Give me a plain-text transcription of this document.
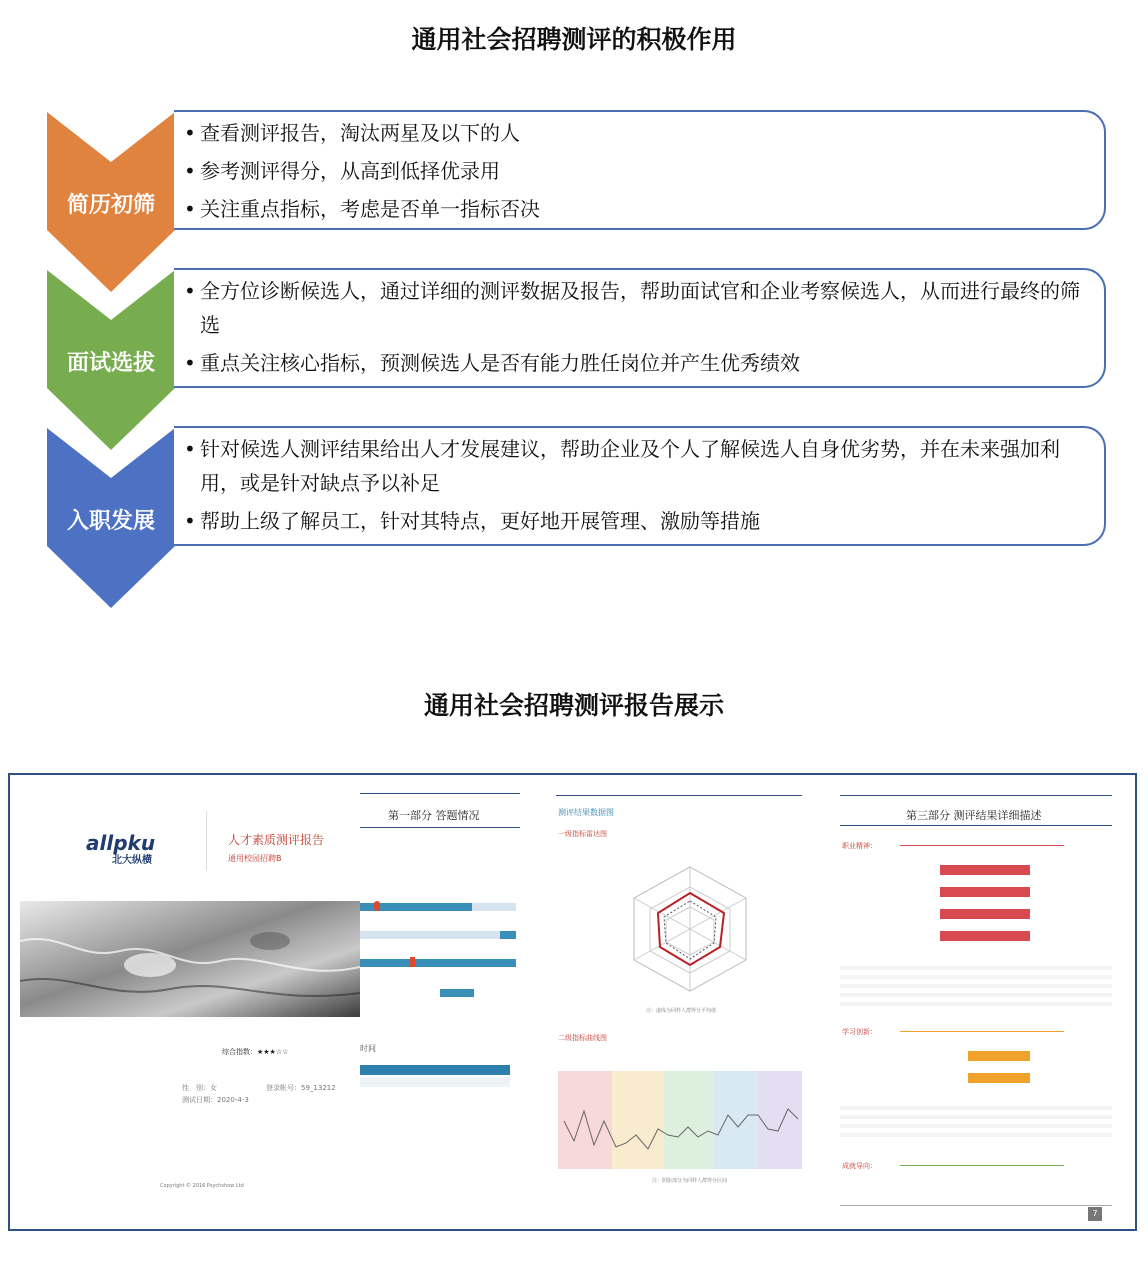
通用社会招聘测评的积极作用
简历初筛
• 查看测评报告，淘汰两星及以下的人
• 参考测评得分，从高到低择优录用
• 关注重点指标，考虑是否单一指标否决
面试选拔
• 全方位诊断候选人，通过详细的测评数据及报告，帮助面试官和企业考察候选人，从而进行最终的筛选
• 重点关注核心指标，预测候选人是否有能力胜任岗位并产生优秀绩效
入职发展
• 针对候选人测评结果给出人才发展建议，帮助企业及个人了解候选人自身优劣势，并在未来强加利用，或是针对缺点予以补足
• 帮助上级了解员工，针对其特点，更好地开展管理、激励等措施
通用社会招聘测评报告展示
allpku
北大纵横
人才素质测评报告
通用校园招聘B
综合指数：★★★☆☆
性　别：女	登录帐号：59_13212
测试日期：2020-4-3
Copyright © 2016 Psychshow Ltd
第一部分 答题情况
时间
测评结果数据图
一级指标雷达图
注：虚线为同样人群得分平均值
二级指标曲线图
注：阴影部分为同样人群得分区间
第三部分 测评结果详细描述
职业精神：
学习创新：
成就导向：
7
